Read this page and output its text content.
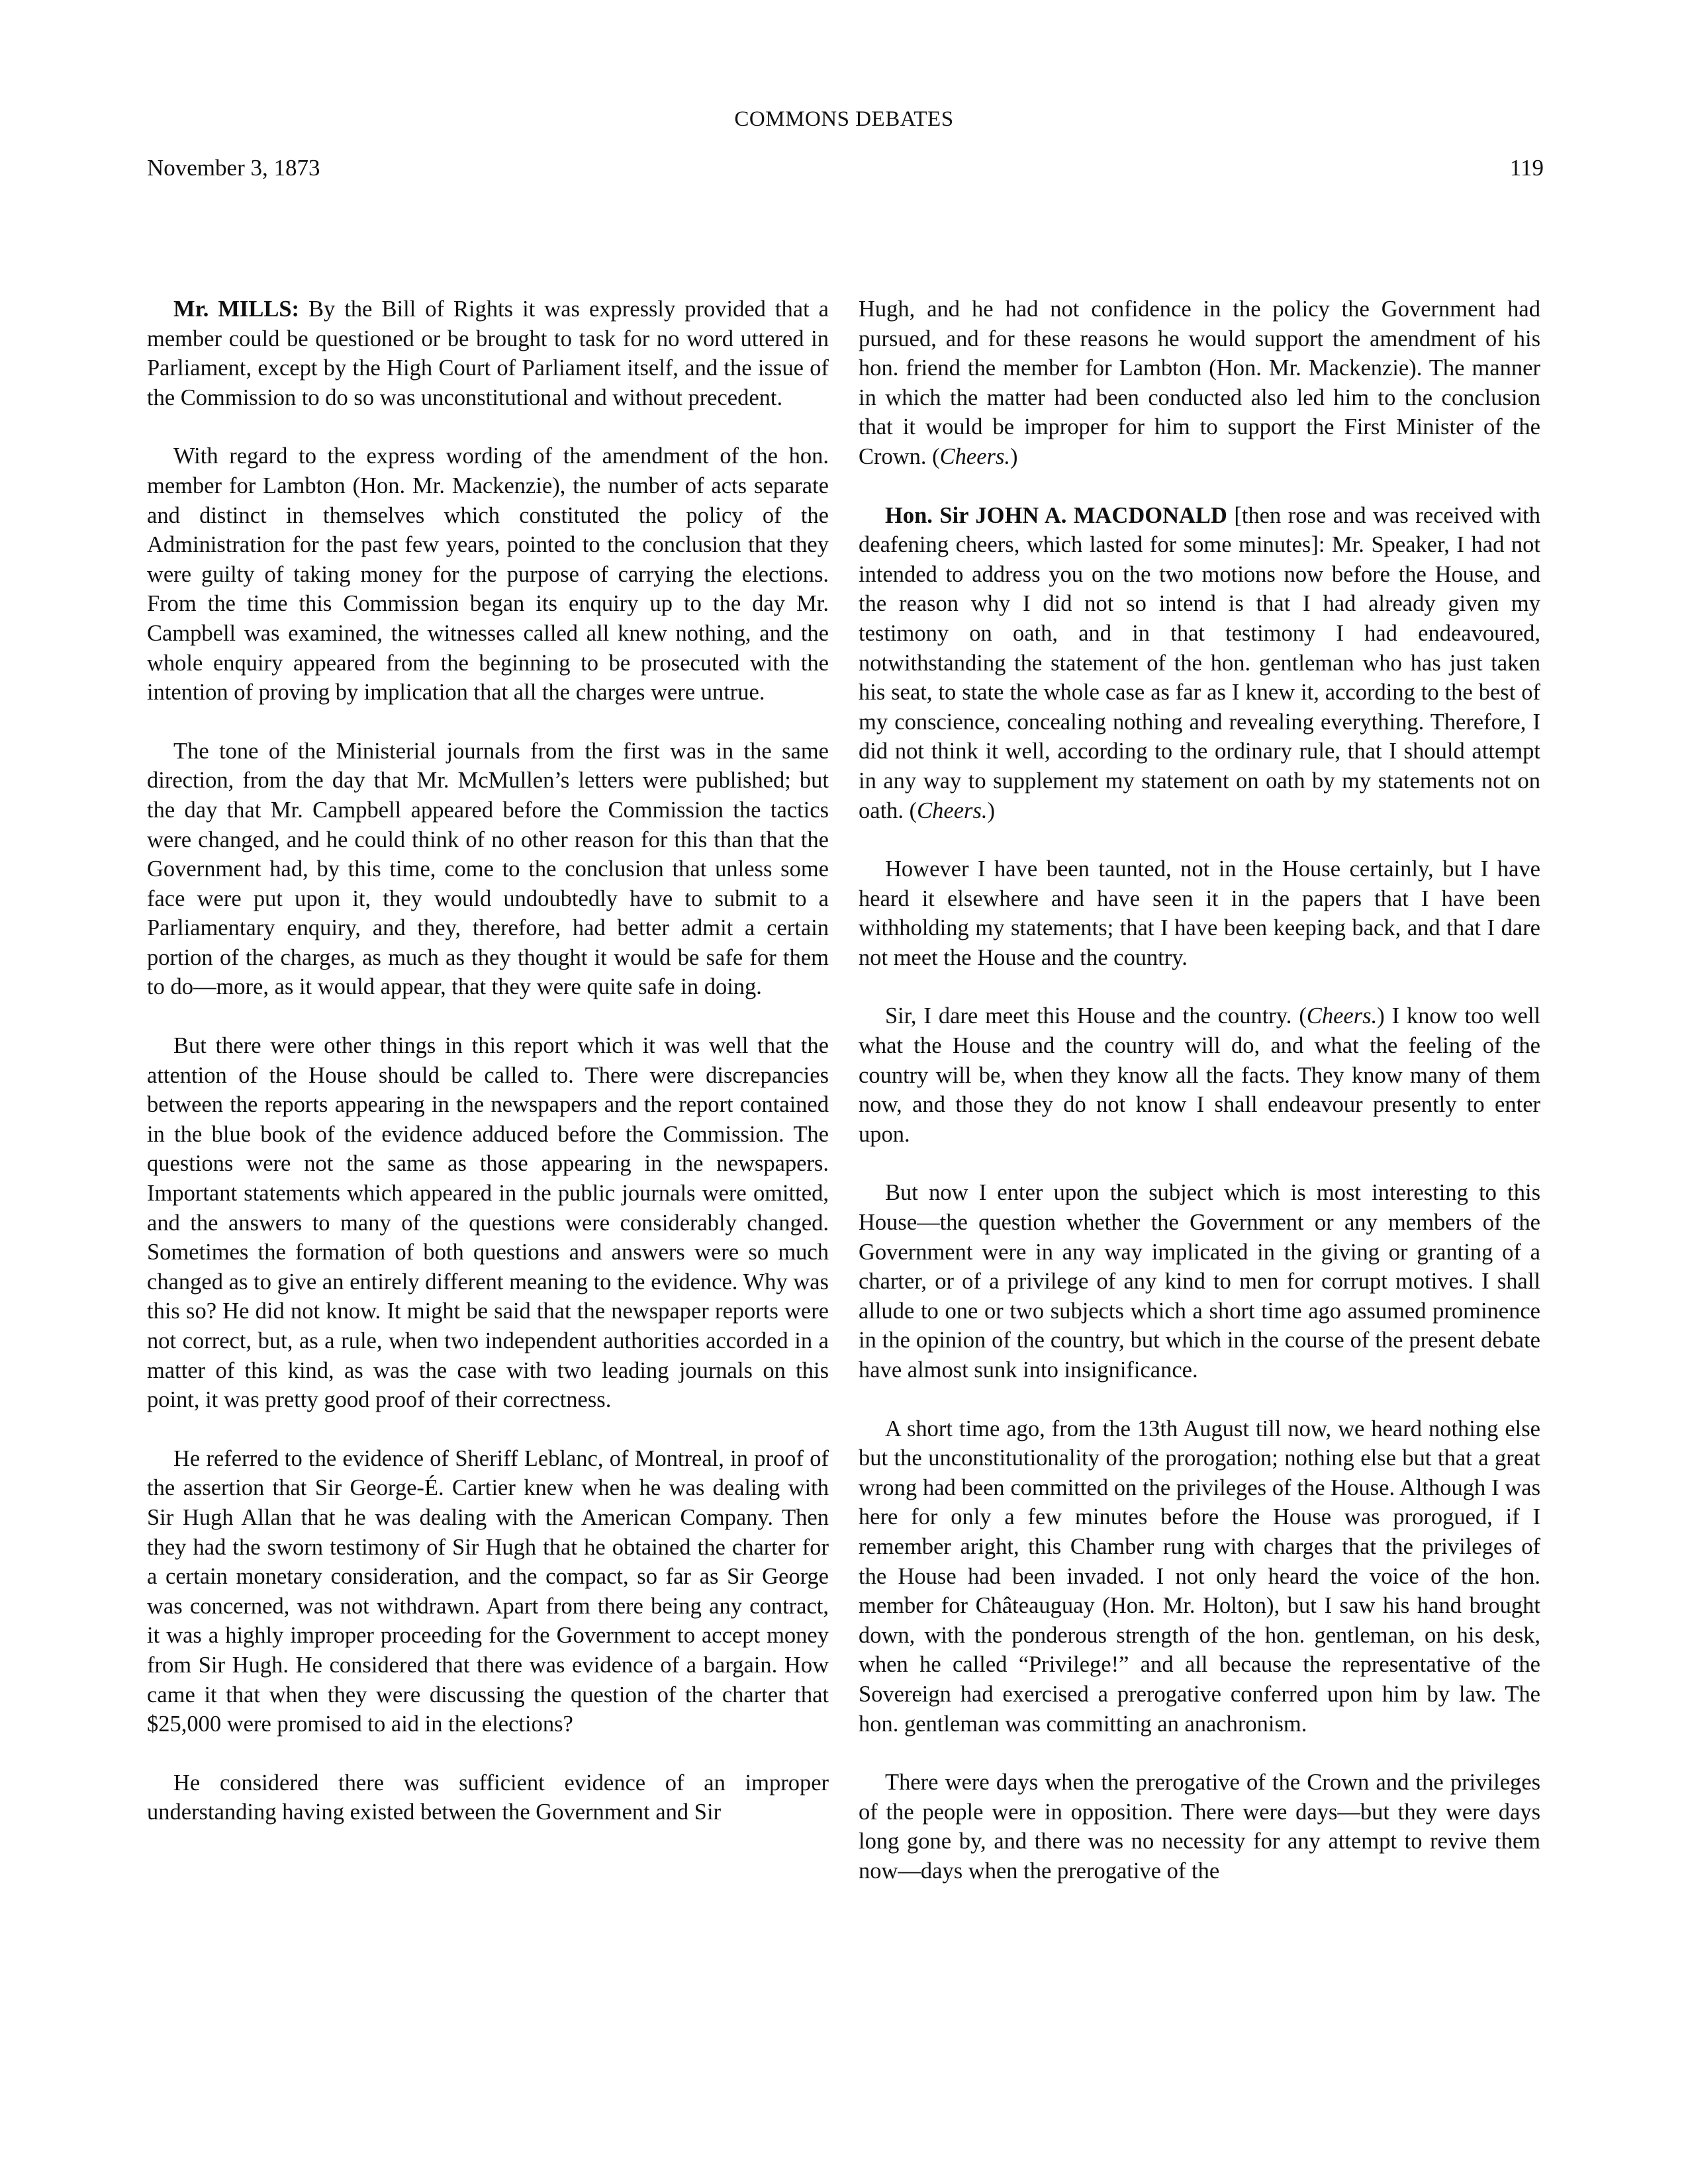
COMMONS DEBATES
November 3, 1873	119

Mr. MILLS: By the Bill of Rights it was expressly provided that a member could be questioned or be brought to task for no word uttered in Parliament, except by the High Court of Parliament itself, and the issue of the Commission to do so was unconstitutional and without precedent.

With regard to the express wording of the amendment of the hon. member for Lambton (Hon. Mr. Mackenzie), the number of acts separate and distinct in themselves which constituted the policy of the Administration for the past few years, pointed to the conclusion that they were guilty of taking money for the purpose of carrying the elections. From the time this Commission began its enquiry up to the day Mr. Campbell was examined, the witnesses called all knew nothing, and the whole enquiry appeared from the beginning to be prosecuted with the intention of proving by implication that all the charges were untrue.

The tone of the Ministerial journals from the first was in the same direction, from the day that Mr. McMullen’s letters were published; but the day that Mr. Campbell appeared before the Commission the tactics were changed, and he could think of no other reason for this than that the Government had, by this time, come to the conclusion that unless some face were put upon it, they would undoubtedly have to submit to a Parliamentary enquiry, and they, therefore, had better admit a certain portion of the charges, as much as they thought it would be safe for them to do—more, as it would appear, that they were quite safe in doing.

But there were other things in this report which it was well that the attention of the House should be called to. There were discrepancies between the reports appearing in the newspapers and the report contained in the blue book of the evidence adduced before the Commission. The questions were not the same as those appearing in the newspapers. Important statements which appeared in the public journals were omitted, and the answers to many of the questions were considerably changed. Sometimes the formation of both questions and answers were so much changed as to give an entirely different meaning to the evidence. Why was this so? He did not know. It might be said that the newspaper reports were not correct, but, as a rule, when two independent authorities accorded in a matter of this kind, as was the case with two leading journals on this point, it was pretty good proof of their correctness.

He referred to the evidence of Sheriff Leblanc, of Montreal, in proof of the assertion that Sir George-É. Cartier knew when he was dealing with Sir Hugh Allan that he was dealing with the American Company. Then they had the sworn testimony of Sir Hugh that he obtained the charter for a certain monetary consideration, and the compact, so far as Sir George was concerned, was not withdrawn. Apart from there being any contract, it was a highly improper proceeding for the Government to accept money from Sir Hugh. He considered that there was evidence of a bargain. How came it that when they were discussing the question of the charter that $25,000 were promised to aid in the elections?

He considered there was sufficient evidence of an improper understanding having existed between the Government and Sir

Hugh, and he had not confidence in the policy the Government had pursued, and for these reasons he would support the amendment of his hon. friend the member for Lambton (Hon. Mr. Mackenzie). The manner in which the matter had been conducted also led him to the conclusion that it would be improper for him to support the First Minister of the Crown. (Cheers.)

Hon. Sir JOHN A. MACDONALD [then rose and was received with deafening cheers, which lasted for some minutes]: Mr. Speaker, I had not intended to address you on the two motions now before the House, and the reason why I did not so intend is that I had already given my testimony on oath, and in that testimony I had endeavoured, notwithstanding the statement of the hon. gentleman who has just taken his seat, to state the whole case as far as I knew it, according to the best of my conscience, concealing nothing and revealing everything. Therefore, I did not think it well, according to the ordinary rule, that I should attempt in any way to supplement my statement on oath by my statements not on oath. (Cheers.)

However I have been taunted, not in the House certainly, but I have heard it elsewhere and have seen it in the papers that I have been withholding my statements; that I have been keeping back, and that I dare not meet the House and the country.

Sir, I dare meet this House and the country. (Cheers.) I know too well what the House and the country will do, and what the feeling of the country will be, when they know all the facts. They know many of them now, and those they do not know I shall endeavour presently to enter upon.

But now I enter upon the subject which is most interesting to this House—the question whether the Government or any members of the Government were in any way implicated in the giving or granting of a charter, or of a privilege of any kind to men for corrupt motives. I shall allude to one or two subjects which a short time ago assumed prominence in the opinion of the country, but which in the course of the present debate have almost sunk into insignificance.

A short time ago, from the 13th August till now, we heard nothing else but the unconstitutionality of the prorogation; nothing else but that a great wrong had been committed on the privileges of the House. Although I was here for only a few minutes before the House was prorogued, if I remember aright, this Chamber rung with charges that the privileges of the House had been invaded. I not only heard the voice of the hon. member for Châteauguay (Hon. Mr. Holton), but I saw his hand brought down, with the ponderous strength of the hon. gentleman, on his desk, when he called “Privilege!” and all because the representative of the Sovereign had exercised a prerogative conferred upon him by law. The hon. gentleman was committing an anachronism.

There were days when the prerogative of the Crown and the privileges of the people were in opposition. There were days—but they were days long gone by, and there was no necessity for any attempt to revive them now—days when the prerogative of the
